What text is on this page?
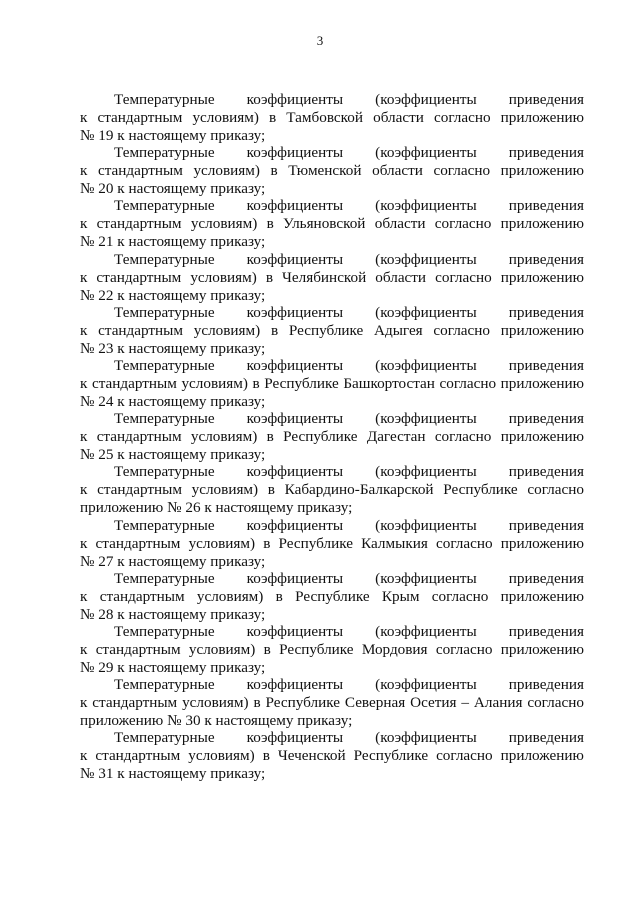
3
Температурные коэффициенты (коэффициенты приведения
к стандартным условиям) в Тамбовской области согласно приложению
№ 19 к настоящему приказу;
Температурные коэффициенты (коэффициенты приведения
к стандартным условиям) в Тюменской области согласно приложению
№ 20 к настоящему приказу;
Температурные коэффициенты (коэффициенты приведения
к стандартным условиям) в Ульяновской области согласно приложению
№ 21 к настоящему приказу;
Температурные коэффициенты (коэффициенты приведения
к стандартным условиям) в Челябинской области согласно приложению
№ 22 к настоящему приказу;
Температурные коэффициенты (коэффициенты приведения
к стандартным условиям) в Республике Адыгея согласно приложению
№ 23 к настоящему приказу;
Температурные коэффициенты (коэффициенты приведения
к стандартным условиям) в Республике Башкортостан согласно приложению
№ 24 к настоящему приказу;
Температурные коэффициенты (коэффициенты приведения
к стандартным условиям) в Республике Дагестан согласно приложению
№ 25 к настоящему приказу;
Температурные коэффициенты (коэффициенты приведения
к стандартным условиям) в Кабардино-Балкарской Республике согласно
приложению № 26 к настоящему приказу;
Температурные коэффициенты (коэффициенты приведения
к стандартным условиям) в Республике Калмыкия согласно приложению
№ 27 к настоящему приказу;
Температурные коэффициенты (коэффициенты приведения
к стандартным условиям) в Республике Крым согласно приложению
№ 28 к настоящему приказу;
Температурные коэффициенты (коэффициенты приведения
к стандартным условиям) в Республике Мордовия согласно приложению
№ 29 к настоящему приказу;
Температурные коэффициенты (коэффициенты приведения
к стандартным условиям) в Республике Северная Осетия – Алания согласно
приложению № 30 к настоящему приказу;
Температурные коэффициенты (коэффициенты приведения
к стандартным условиям) в Чеченской Республике согласно приложению
№ 31 к настоящему приказу;
